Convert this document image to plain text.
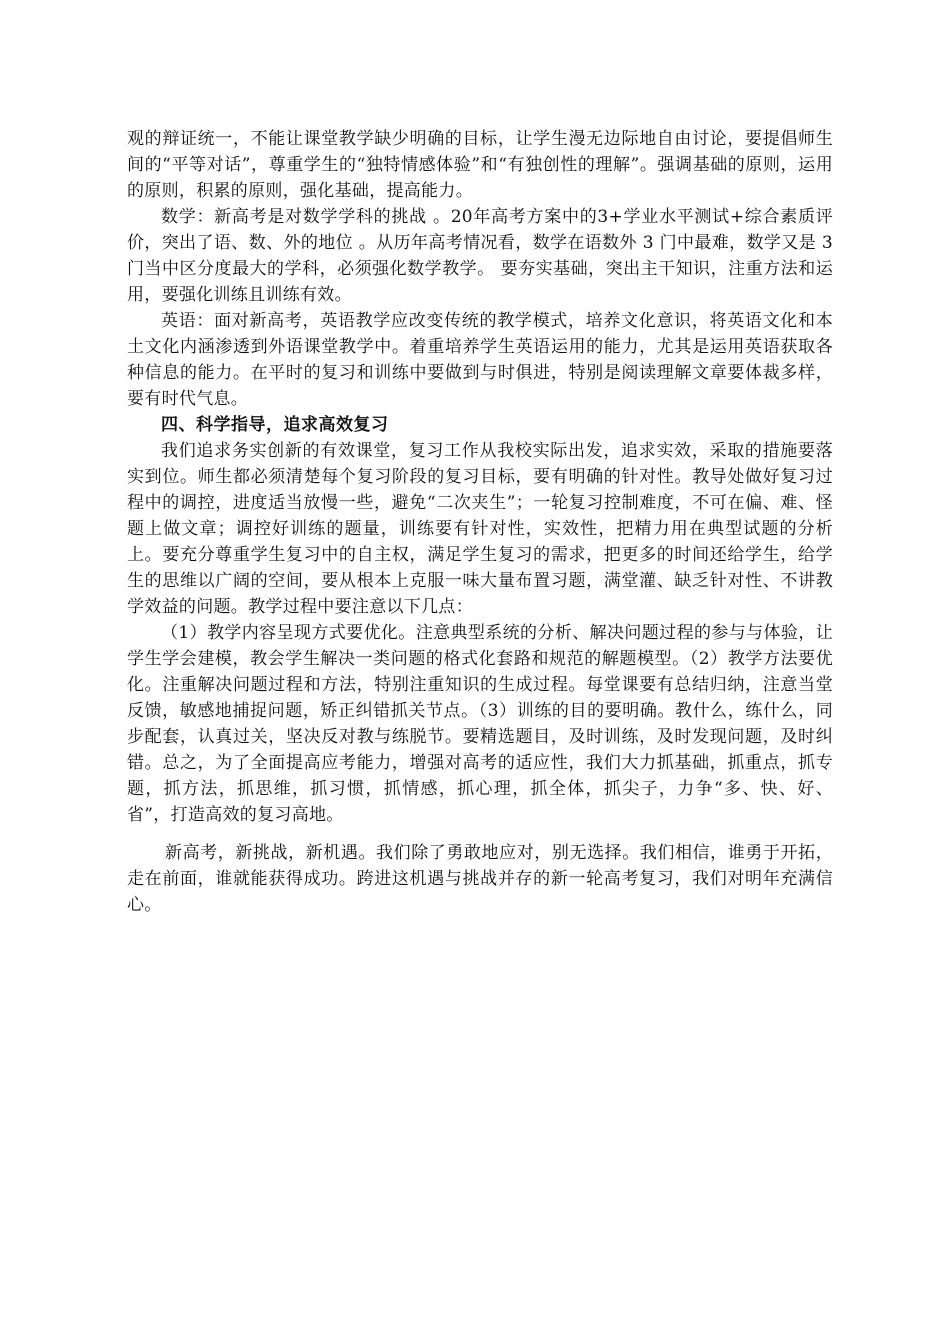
观的辩证统一，不能让课堂教学缺少明确的目标，让学生漫无边际地自由讨论，要提倡师生间的“平等对话”，尊重学生的“独特情感体验”和“有独创性的理解”。强调基础的原则，运用的原则，积累的原则，强化基础，提高能力。

数学：新高考是对数学学科的挑战 。20年高考方案中的3+学业水平测试+综合素质评价，突出了语、数、外的地位 。从历年高考情况看，数学在语数外 3 门中最难，数学又是 3 门当中区分度最大的学科，必须强化数学教学。 要夯实基础，突出主干知识，注重方法和运用，要强化训练且训练有效。

英语：面对新高考，英语教学应改变传统的教学模式，培养文化意识，将英语文化和本土文化内涵渗透到外语课堂教学中。着重培养学生英语运用的能力，尤其是运用英语获取各种信息的能力。在平时的复习和训练中要做到与时俱进，特别是阅读理解文章要体裁多样，要有时代气息。

四、科学指导，追求高效复习

我们追求务实创新的有效课堂，复习工作从我校实际出发，追求实效，采取的措施要落实到位。师生都必须清楚每个复习阶段的复习目标，要有明确的针对性。教导处做好复习过程中的调控，进度适当放慢一些，避免“二次夹生”；一轮复习控制难度，不可在偏、难、怪题上做文章；调控好训练的题量，训练要有针对性，实效性，把精力用在典型试题的分析上。要充分尊重学生复习中的自主权，满足学生复习的需求，把更多的时间还给学生，给学生的思维以广阔的空间，要从根本上克服一味大量布置习题，满堂灌、缺乏针对性、不讲教学效益的问题。教学过程中要注意以下几点：

（1）教学内容呈现方式要优化。注意典型系统的分析、解决问题过程的参与与体验，让学生学会建模，教会学生解决一类问题的格式化套路和规范的解题模型。（2）教学方法要优化。注重解决问题过程和方法，特别注重知识的生成过程。每堂课要有总结归纳，注意当堂反馈，敏感地捕捉问题，矫正纠错抓关节点。（3）训练的目的要明确。教什么，练什么，同步配套，认真过关，坚决反对教与练脱节。要精选题目，及时训练，及时发现问题，及时纠错。总之，为了全面提高应考能力，增强对高考的适应性，我们大力抓基础，抓重点，抓专题，抓方法，抓思维，抓习惯，抓情感，抓心理，抓全体，抓尖子，力争“多、快、好、省”，打造高效的复习高地。

新高考，新挑战，新机遇。我们除了勇敢地应对，别无选择。我们相信，谁勇于开拓，走在前面，谁就能获得成功。跨进这机遇与挑战并存的新一轮高考复习，我们对明年充满信心。
